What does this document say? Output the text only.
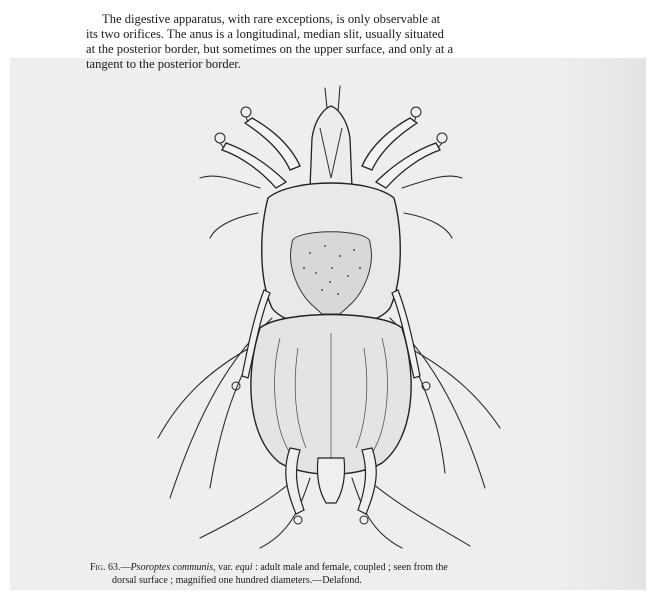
The digestive apparatus, with rare exceptions, is only observable at
its two orifices. The anus is a longitudinal, median slit, usually situated
at the posterior border, but sometimes on the upper surface, and only at a
tangent to the posterior border.

Fig. 63.—Psoroptes communis, var. equi : adult male and female, coupled ; seen from the
dorsal surface ; magnified one hundred diameters.—Delafond.
